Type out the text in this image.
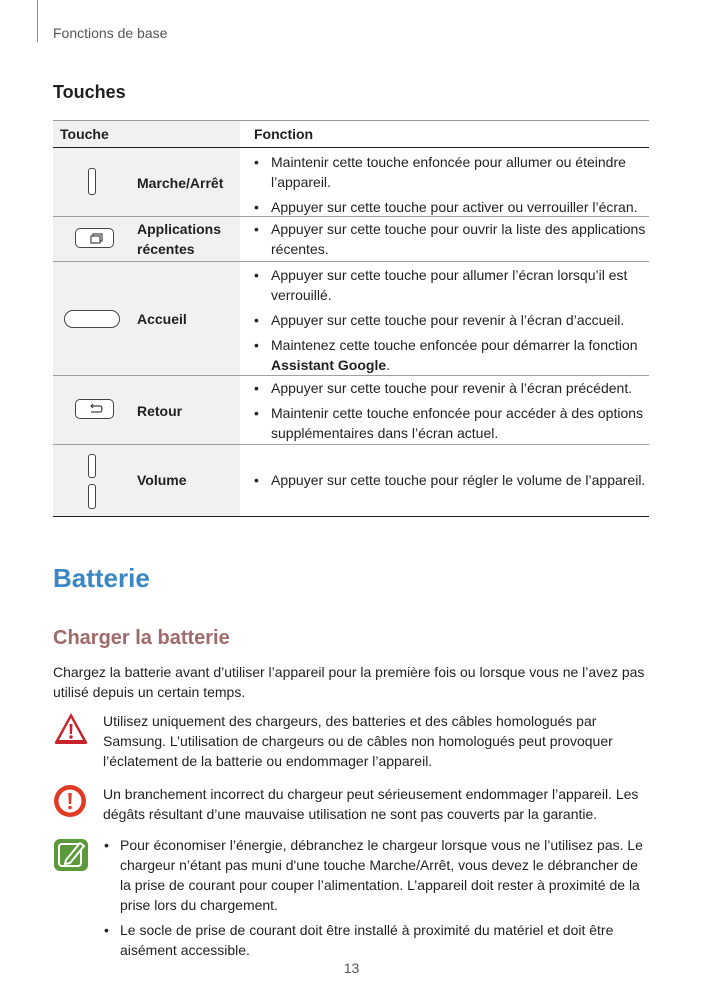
Fonctions de base
Touches
Touche	Fonction
Marche/Arrêt
• Maintenir cette touche enfoncée pour allumer ou éteindre l’appareil.
• Appuyer sur cette touche pour activer ou verrouiller l’écran.
Applications récentes
• Appuyer sur cette touche pour ouvrir la liste des applications récentes.
Accueil
• Appuyer sur cette touche pour allumer l’écran lorsqu’il est verrouillé.
• Appuyer sur cette touche pour revenir à l’écran d’accueil.
• Maintenez cette touche enfoncée pour démarrer la fonction Assistant Google.
Retour
• Appuyer sur cette touche pour revenir à l’écran précédent.
• Maintenir cette touche enfoncée pour accéder à des options supplémentaires dans l’écran actuel.
Volume	• Appuyer sur cette touche pour régler le volume de l’appareil.
Batterie
Charger la batterie
Chargez la batterie avant d’utiliser l’appareil pour la première fois ou lorsque vous ne l’avez pas utilisé depuis un certain temps.
Utilisez uniquement des chargeurs, des batteries et des câbles homologués par Samsung. L’utilisation de chargeurs ou de câbles non homologués peut provoquer l’éclatement de la batterie ou endommager l’appareil.
Un branchement incorrect du chargeur peut sérieusement endommager l’appareil. Les dégâts résultant d’une mauvaise utilisation ne sont pas couverts par la garantie.
• Pour économiser l’énergie, débranchez le chargeur lorsque vous ne l’utilisez pas. Le chargeur n’étant pas muni d'une touche Marche/Arrêt, vous devez le débrancher de la prise de courant pour couper l’alimentation. L’appareil doit rester à proximité de la prise lors du chargement.
• Le socle de prise de courant doit être installé à proximité du matériel et doit être aisément accessible.
13
